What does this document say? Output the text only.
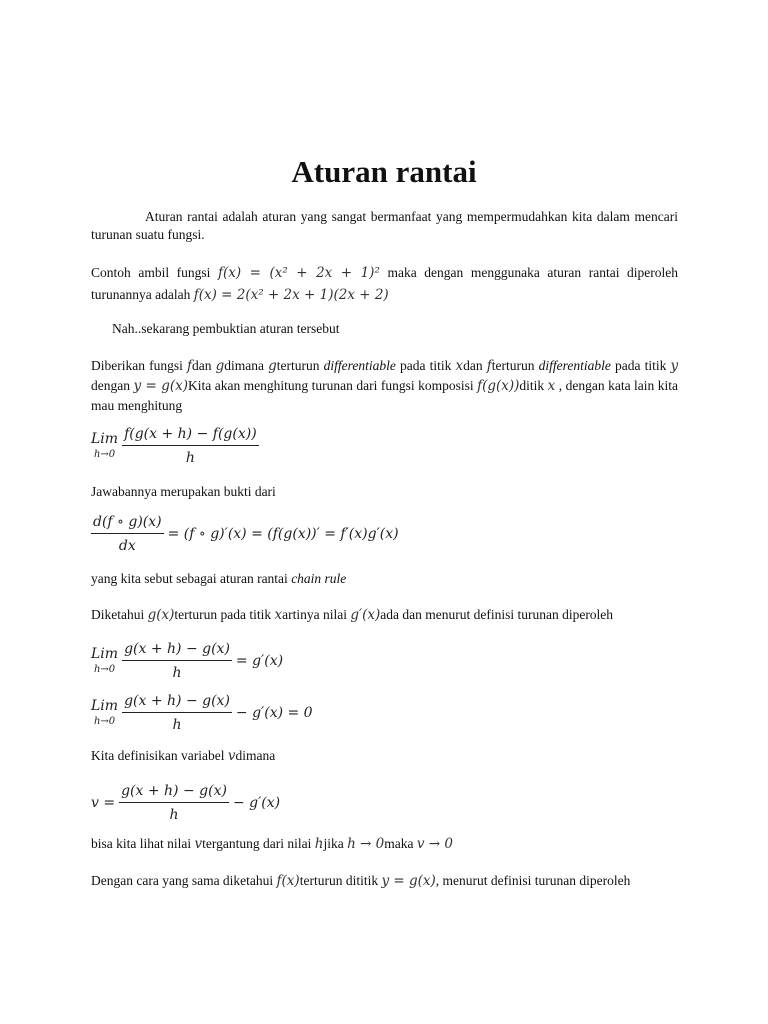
Aturan rantai

Aturan rantai adalah aturan yang sangat bermanfaat yang mempermudahkan kita dalam mencari turunan suatu fungsi.

Contoh ambil fungsi f(x) = (x² + 2x + 1)² maka dengan menggunaka aturan rantai diperoleh turunannya adalah f(x) = 2(x² + 2x + 1)(2x + 2)

Nah..sekarang pembuktian aturan tersebut

Diberikan fungsi fdan gdimana gterturun differentiable pada titik xdan fterturun differentiable pada titik y dengan y = g(x)Kita akan menghitung turunan dari fungsi komposisi f(g(x))ditik x , dengan kata lain kita mau menghitung

Lim
$h\to 0 \frac{f(g(x + h) - f(g(x))}{h}$

Jawabannya merupakan bukti dari

$\frac{d(f \circ g)(x)}{dx} = (f$ ∘ g)′(x) = (f(g(x))′ = f′(x)g′(x)

yang kita sebut sebagai aturan rantai chain rule

Diketahui g(x)terturun pada titik xartinya nilai g′(x)ada dan menurut definisi turunan diperoleh

Lim
$h\to 0 \frac{g(x + h) - g(x)}{h} = g'(x)$
Lim
$h\to 0 \frac{g(x + h) - g(x)}{h} - g'(x) = 0$

Kita definisikan variabel vdimana

$v = \frac{g(x + h) - g(x)}{h} - g'(x)$

bisa kita lihat nilai vtergantung dari nilai hjika h → 0maka v → 0

Dengan cara yang sama diketahui f(x)terturun dititik y = g(x), menurut definisi turunan diperoleh
